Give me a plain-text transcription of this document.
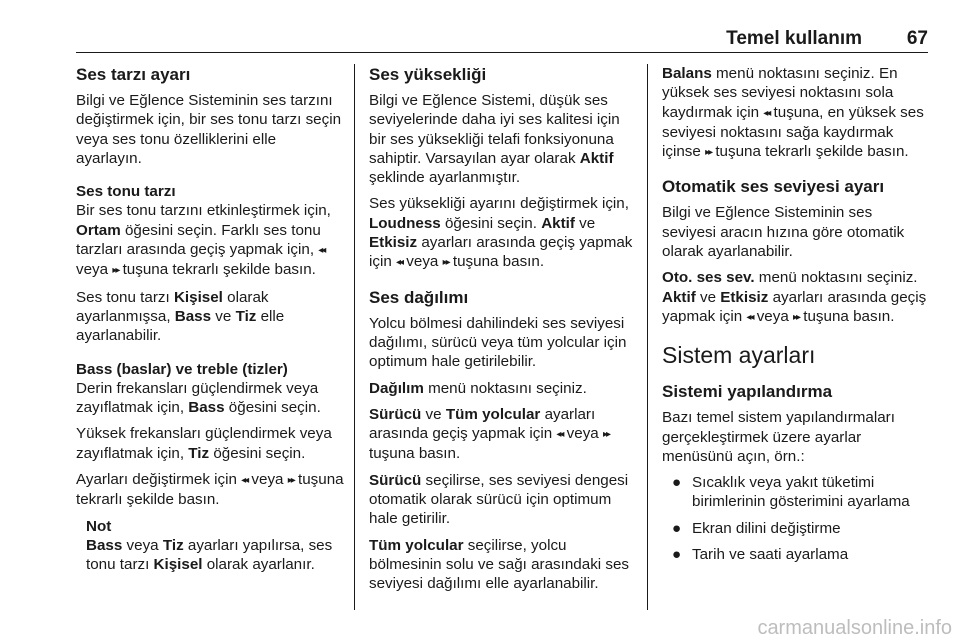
Temel kullanım 67
Ses tarzı ayarı

Bilgi ve Eğlence Sisteminin ses tarzını değiştirmek için, bir ses tonu tarzı seçin veya ses tonu özelliklerini elle ayarlayın.

Ses tonu tarzı
Bir ses tonu tarzını etkinleştirmek için, Ortam öğesini seçin. Farklı ses tonu tarzları arasında geçiş yapmak için, ◂◂ veya ▸▸ tuşuna tekrarlı şekilde basın.

Ses tonu tarzı Kişisel olarak ayarlanmışsa, Bass ve Tiz elle ayarlanabilir.

Bass (baslar) ve treble (tizler)
Derin frekansları güçlendirmek veya zayıflatmak için, Bass öğesini seçin.

Yüksek frekansları güçlendirmek veya zayıflatmak için, Tiz öğesini seçin.

Ayarları değiştirmek için ◂◂ veya ▸▸ tuşuna tekrarlı şekilde basın.

Not
Bass veya Tiz ayarları yapılırsa, ses tonu tarzı Kişisel olarak ayarlanır.

Ses yüksekliği

Bilgi ve Eğlence Sistemi, düşük ses seviyelerinde daha iyi ses kalitesi için bir ses yüksekliği telafi fonksiyonuna sahiptir. Varsayılan ayar olarak Aktif şeklinde ayarlanmıştır.

Ses yüksekliği ayarını değiştirmek için, Loudness öğesini seçin. Aktif ve Etkisiz ayarları arasında geçiş yapmak için ◂◂ veya ▸▸ tuşuna basın.

Ses dağılımı

Yolcu bölmesi dahilindeki ses seviyesi dağılımı, sürücü veya tüm yolcular için optimum hale getirilebilir.

Dağılım menü noktasını seçiniz.

Sürücü ve Tüm yolcular ayarları arasında geçiş yapmak için ◂◂ veya ▸▸ tuşuna basın.

Sürücü seçilirse, ses seviyesi dengesi otomatik olarak sürücü için optimum hale getirilir.

Tüm yolcular seçilirse, yolcu bölmesinin solu ve sağı arasındaki ses seviyesi dağılımı elle ayarlanabilir.

Balans menü noktasını seçiniz. En yüksek ses seviyesi noktasını sola kaydırmak için ◂◂ tuşuna, en yüksek ses seviyesi noktasını sağa kaydırmak içinse ▸▸ tuşuna tekrarlı şekilde basın.

Otomatik ses seviyesi ayarı

Bilgi ve Eğlence Sisteminin ses seviyesi aracın hızına göre otomatik olarak ayarlanabilir.

Oto. ses sev. menü noktasını seçiniz. Aktif ve Etkisiz ayarları arasında geçiş yapmak için ◂◂ veya ▸▸ tuşuna basın.

Sistem ayarları
Sistemi yapılandırma

Bazı temel sistem yapılandırmaları gerçekleştirmek üzere ayarlar menüsünü açın, örn.:

● Sıcaklık veya yakıt tüketimi birimlerinin gösterimini ayarlama
● Ekran dilini değiştirme
● Tarih ve saati ayarlama
carmanualsonline.info
